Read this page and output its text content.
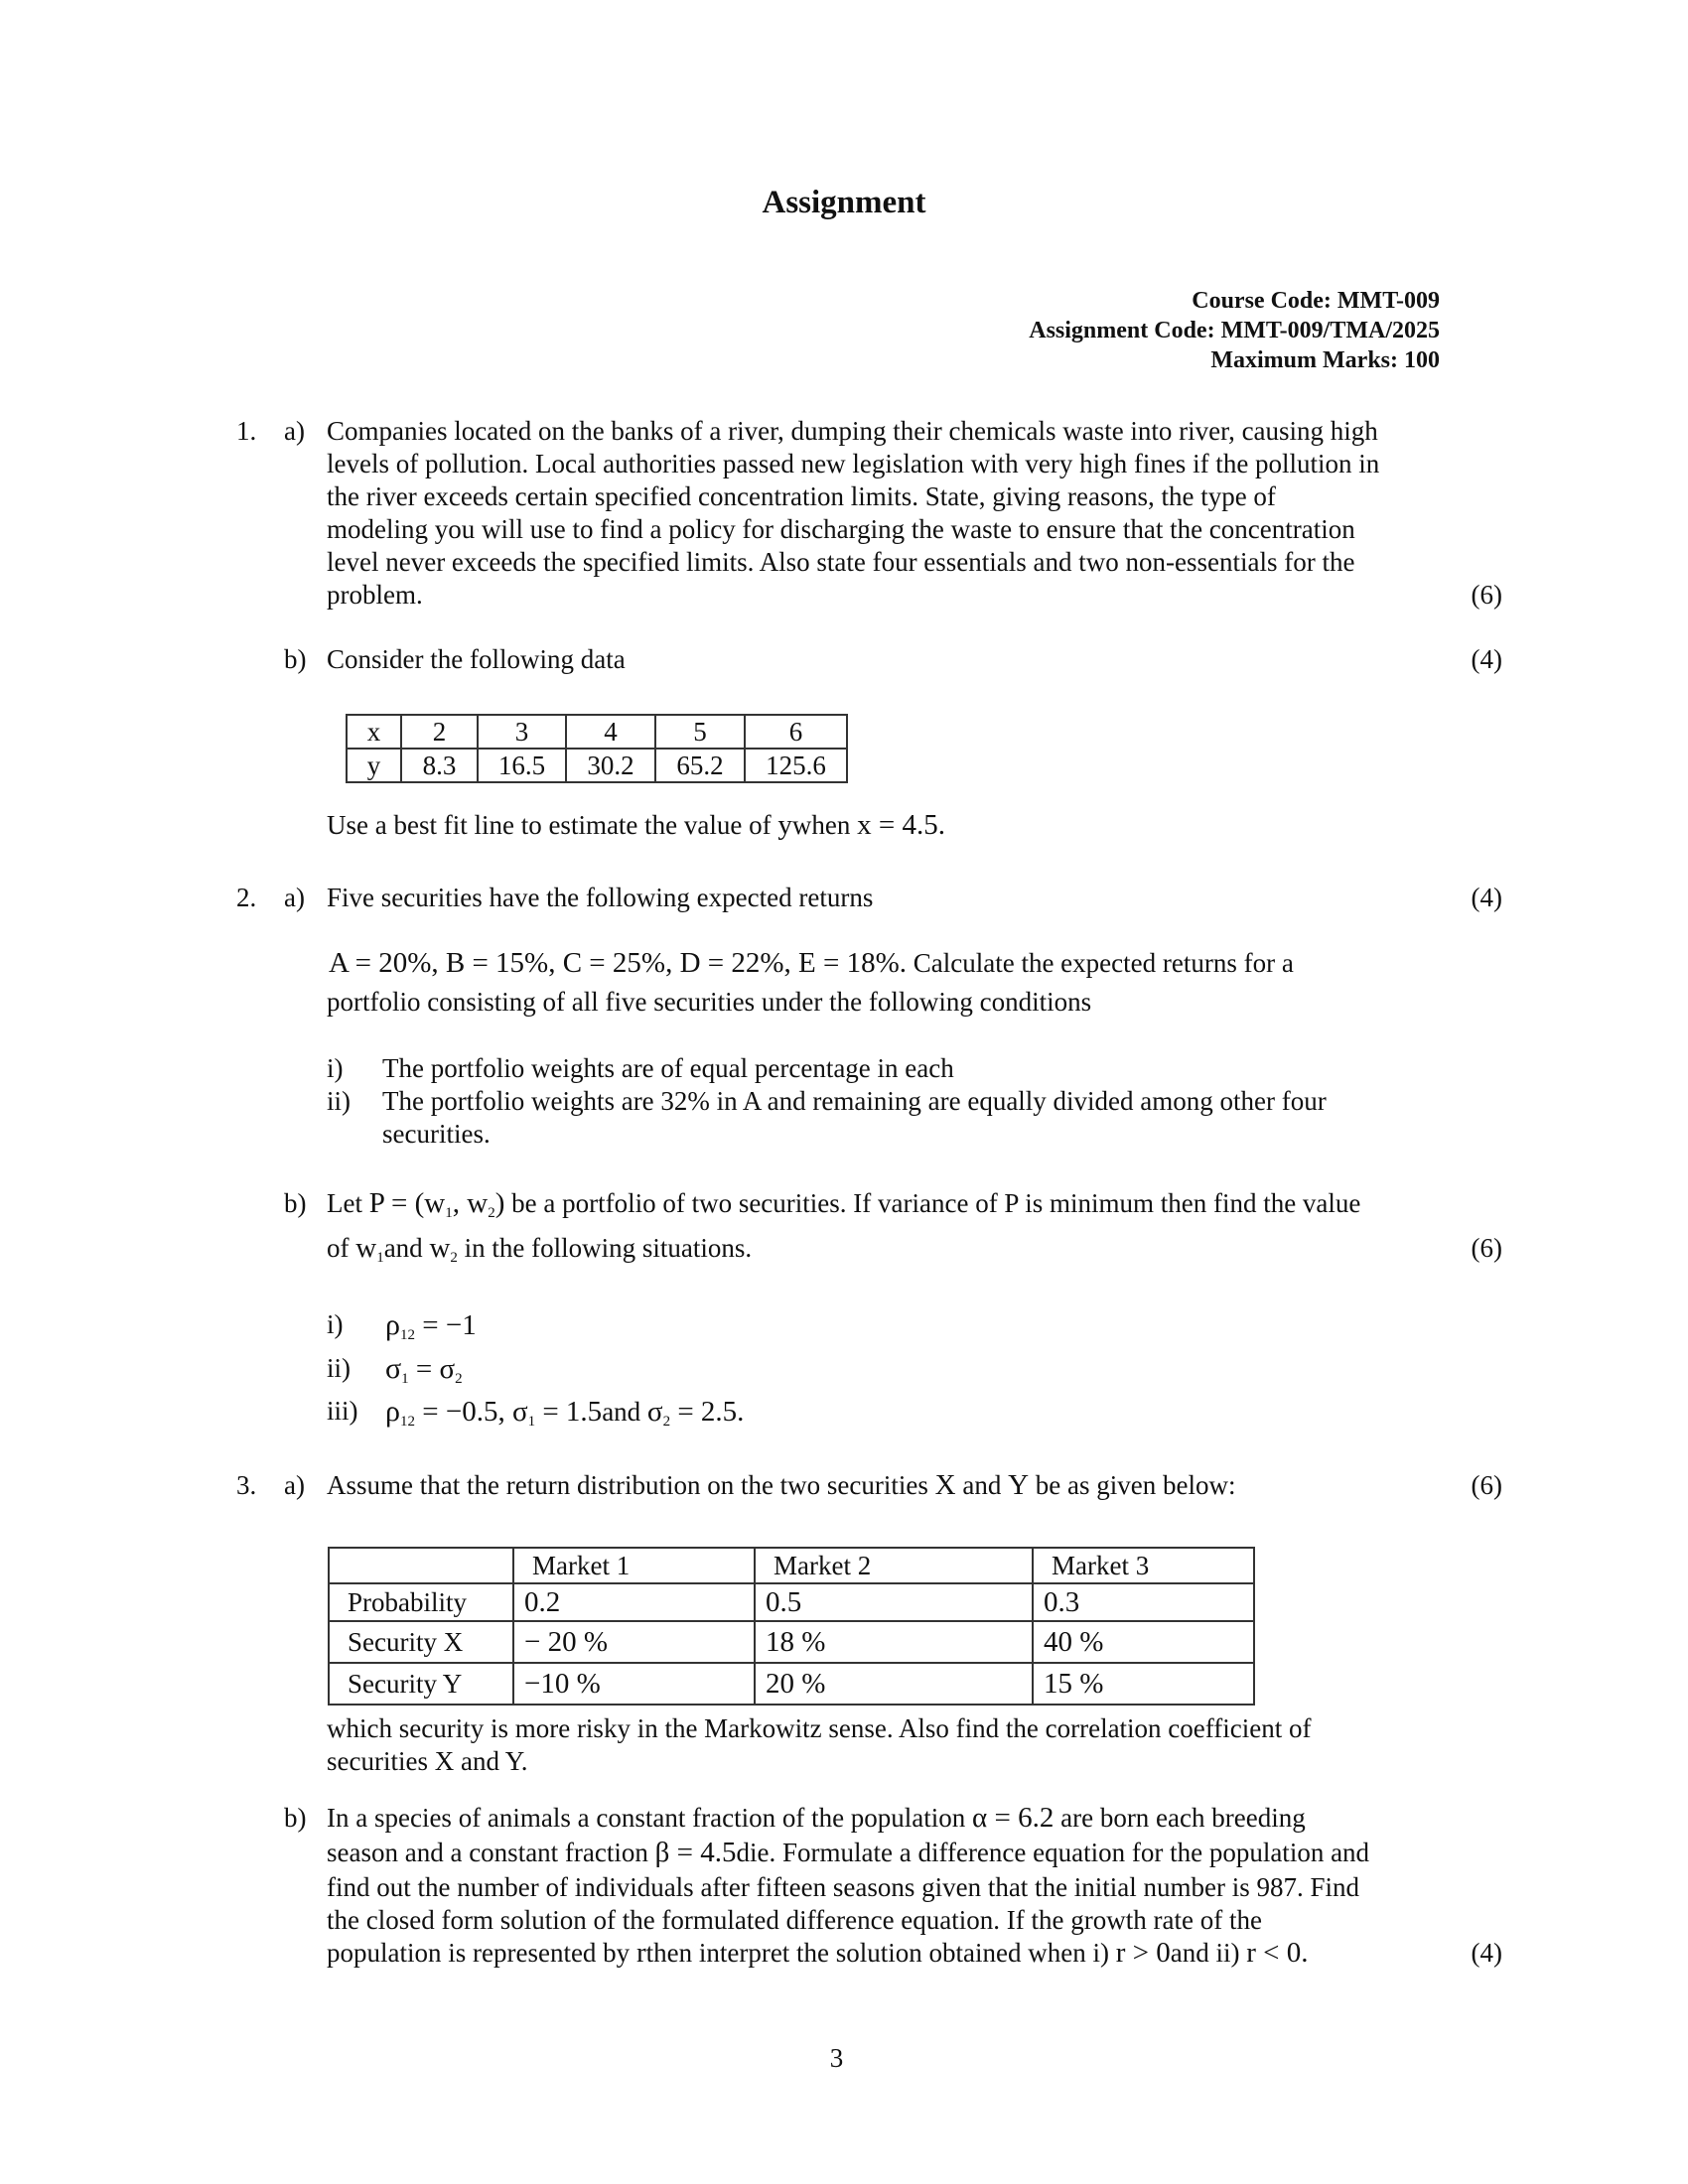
Assignment
Course Code: MMT-009
Assignment Code: MMT-009/TMA/2025
Maximum Marks: 100
1. a) Companies located on the banks of a river, dumping their chemicals waste into river, causing high
levels of pollution. Local authorities passed new legislation with very high fines if the pollution in
the river exceeds certain specified concentration limits. State, giving reasons, the type of
modeling you will use to find a policy for discharging the waste to ensure that the concentration
level never exceeds the specified limits. Also state four essentials and two non-essentials for the
problem.	(6)
b) Consider the following data	(4)
x	2	3	4	5	6
y	8.3	16.5	30.2	65.2	125.6
Use a best fit line to estimate the value of ywhen x = 4.5.
2. a) Five securities have the following expected returns	(4)
A = 20%, B = 15%, C = 25%, D = 22%, E = 18%. Calculate the expected returns for a
portfolio consisting of all five securities under the following conditions
i) The portfolio weights are of equal percentage in each
ii) The portfolio weights are 32% in A and remaining are equally divided among other four
securities.
b) Let $P = (w_1$, $w_2$) be a portfolio of two securities. If variance of P is minimum then find the value
of $w_1and$ $w_2$ in the following situations.	(6)
i) $\rho_{12} = -1$
ii) $\sigma_1 = \sigma_2$
iii) $\rho_{12} = -0.5$, $\sigma_1 = 1.5and$ $\sigma_2 = 2.5$.
3. a) Assume that the return distribution on the two securities X and Y be as given below:	(6)
	Market 1	Market 2	Market 3
Probability	0.2	0.5	0.3
Security X	− 20 %	18 %	40 %
Security Y	−10 %	20 %	15 %
which security is more risky in the Markowitz sense. Also find the correlation coefficient of
securities X and Y.
b) In a species of animals a constant fraction of the population α = 6.2 are born each breeding
season and a constant fraction β = 4.5die. Formulate a difference equation for the population and
find out the number of individuals after fifteen seasons given that the initial number is 987. Find
the closed form solution of the formulated difference equation. If the growth rate of the
population is represented by rthen interpret the solution obtained when i) r > 0and ii) r < 0.	(4)
3
